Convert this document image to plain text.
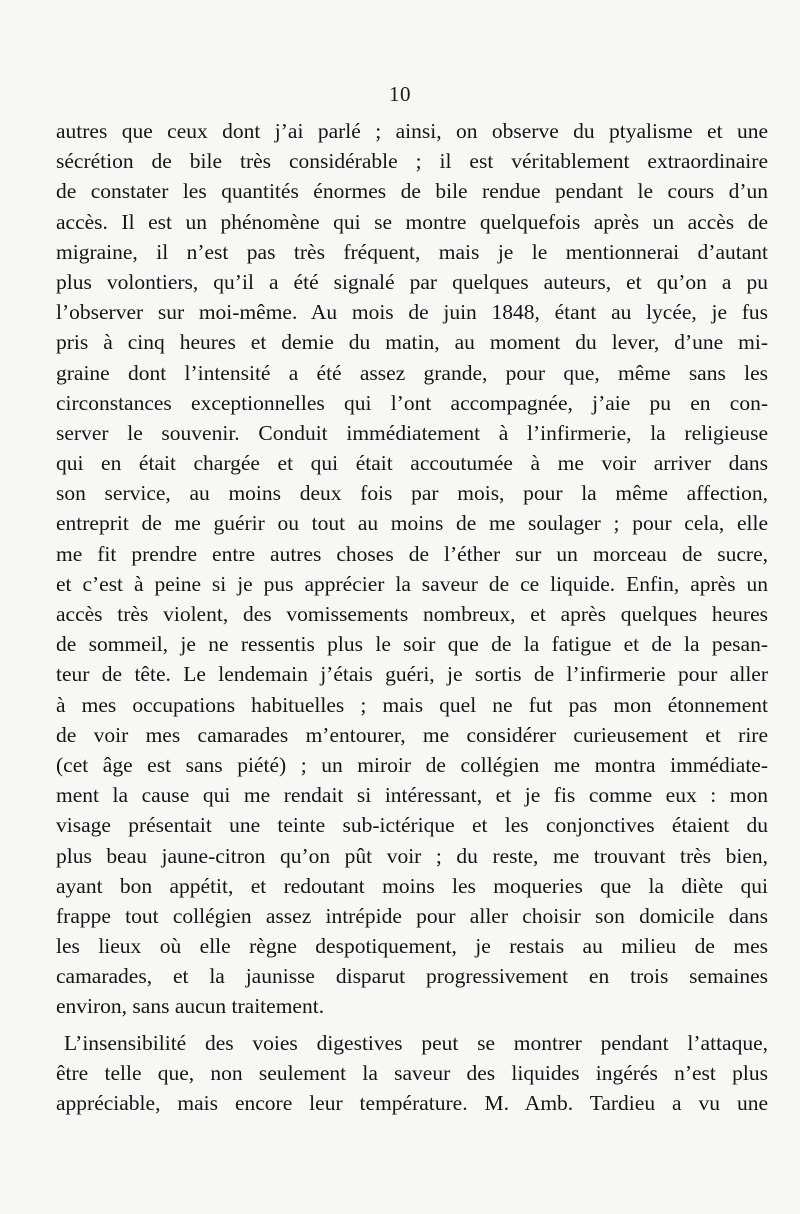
10
autres que ceux dont j’ai parlé ; ainsi, on observe du ptyalisme et une
sécrétion de bile très considérable ; il est véritablement extraordinaire
de constater les quantités énormes de bile rendue pendant le cours d’un
accès. Il est un phénomène qui se montre quelquefois après un accès de
migraine, il n’est pas très fréquent, mais je le mentionnerai d’autant
plus volontiers, qu’il a été signalé par quelques auteurs, et qu’on a pu
l’observer sur moi-même. Au mois de juin 1848, étant au lycée, je fus
pris à cinq heures et demie du matin, au moment du lever, d’une mi-
graine dont l’intensité a été assez grande, pour que, même sans les
circonstances exceptionnelles qui l’ont accompagnée, j’aie pu en con-
server le souvenir. Conduit immédiatement à l’infirmerie, la religieuse
qui en était chargée et qui était accoutumée à me voir arriver dans
son service, au moins deux fois par mois, pour la même affection,
entreprit de me guérir ou tout au moins de me soulager ; pour cela, elle
me fit prendre entre autres choses de l’éther sur un morceau de sucre,
et c’est à peine si je pus apprécier la saveur de ce liquide. Enfin, après un
accès très violent, des vomissements nombreux, et après quelques heures
de sommeil, je ne ressentis plus le soir que de la fatigue et de la pesan-
teur de tête. Le lendemain j’étais guéri, je sortis de l’infirmerie pour aller
à mes occupations habituelles ; mais quel ne fut pas mon étonnement
de voir mes camarades m’entourer, me considérer curieusement et rire
(cet âge est sans piété) ; un miroir de collégien me montra immédiate-
ment la cause qui me rendait si intéressant, et je fis comme eux : mon
visage présentait une teinte sub-ictérique et les conjonctives étaient du
plus beau jaune-citron qu’on pût voir ; du reste, me trouvant très bien,
ayant bon appétit, et redoutant moins les moqueries que la diète qui
frappe tout collégien assez intrépide pour aller choisir son domicile dans
les lieux où elle règne despotiquement, je restais au milieu de mes
camarades, et la jaunisse disparut progressivement en trois semaines
environ, sans aucun traitement.
L’insensibilité des voies digestives peut se montrer pendant l’attaque,
être telle que, non seulement la saveur des liquides ingérés n’est plus
appréciable, mais encore leur température. M. Amb. Tardieu a vu une
